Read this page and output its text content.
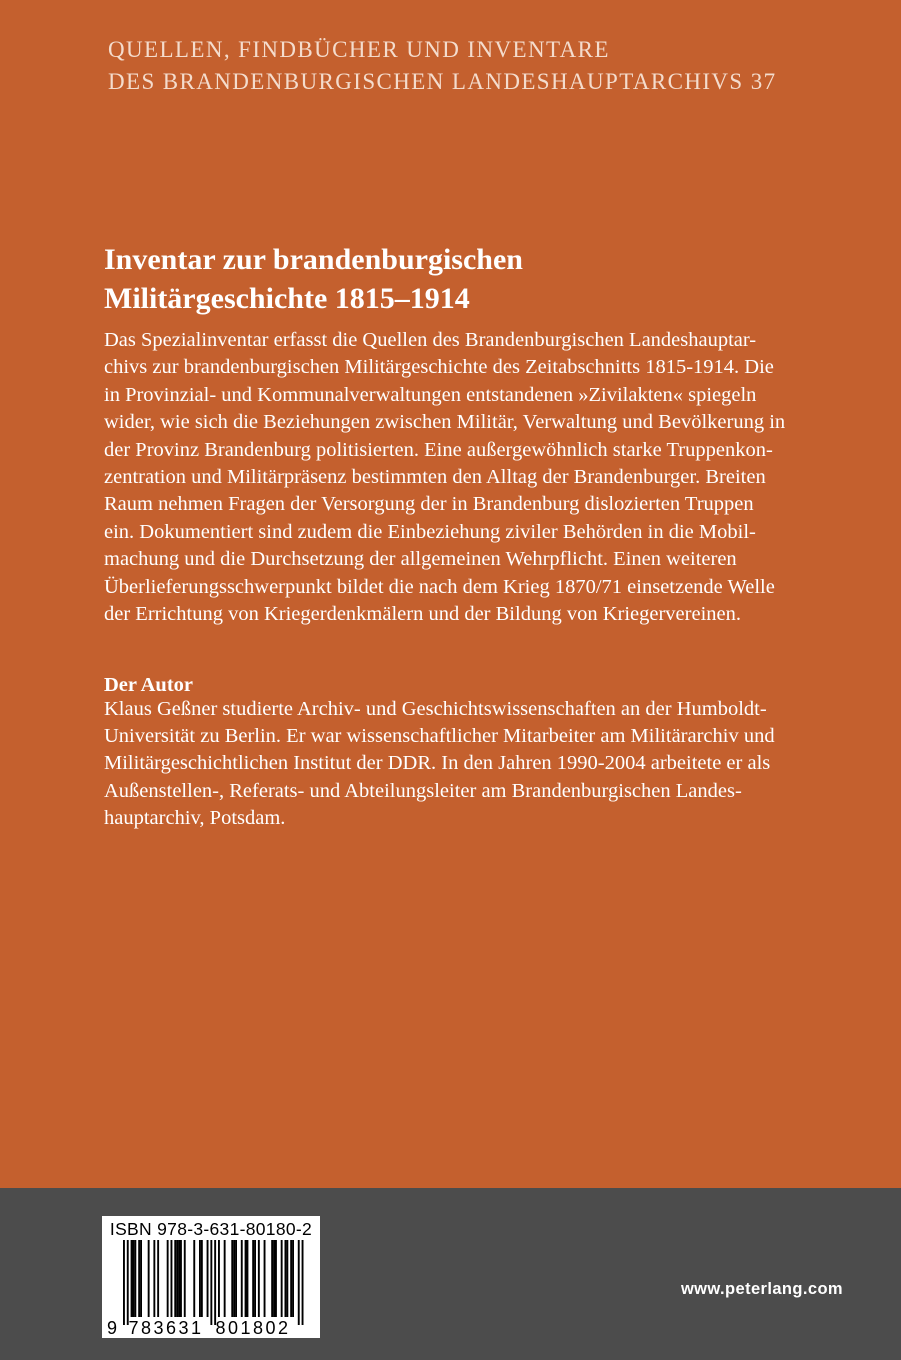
QUELLEN, FINDBÜCHER UND INVENTARE
DES BRANDENBURGISCHEN LANDESHAUPTARCHIVS 37
Inventar zur brandenburgischen
Militärgeschichte 1815–1914
Das Spezialinventar erfasst die Quellen des Brandenburgischen Landeshauptar-
chivs zur brandenburgischen Militärgeschichte des Zeitabschnitts 1815-1914. Die
in Provinzial- und Kommunalverwaltungen entstandenen »Zivilakten« spiegeln
wider, wie sich die Beziehungen zwischen Militär, Verwaltung und Bevölkerung in
der Provinz Brandenburg politisierten. Eine außergewöhnlich starke Truppenkon-
zentration und Militärpräsenz bestimmten den Alltag der Brandenburger. Breiten
Raum nehmen Fragen der Versorgung der in Brandenburg dislozierten Truppen
ein. Dokumentiert sind zudem die Einbeziehung ziviler Behörden in die Mobil-
machung und die Durchsetzung der allgemeinen Wehrpflicht. Einen weiteren
Überlieferungsschwerpunkt bildet die nach dem Krieg 1870/71 einsetzende Welle
der Errichtung von Kriegerdenkmälern und der Bildung von Kriegervereinen.
Der Autor
Klaus Geßner studierte Archiv- und Geschichtswissenschaften an der Humboldt-
Universität zu Berlin. Er war wissenschaftlicher Mitarbeiter am Militärarchiv und
Militärgeschichtlichen Institut der DDR. In den Jahren 1990-2004 arbeitete er als
Außenstellen-, Referats- und Abteilungsleiter am Brandenburgischen Landes-
hauptarchiv, Potsdam.
ISBN 978-3-631-80180-2
9 783631 801802
www.peterlang.com
